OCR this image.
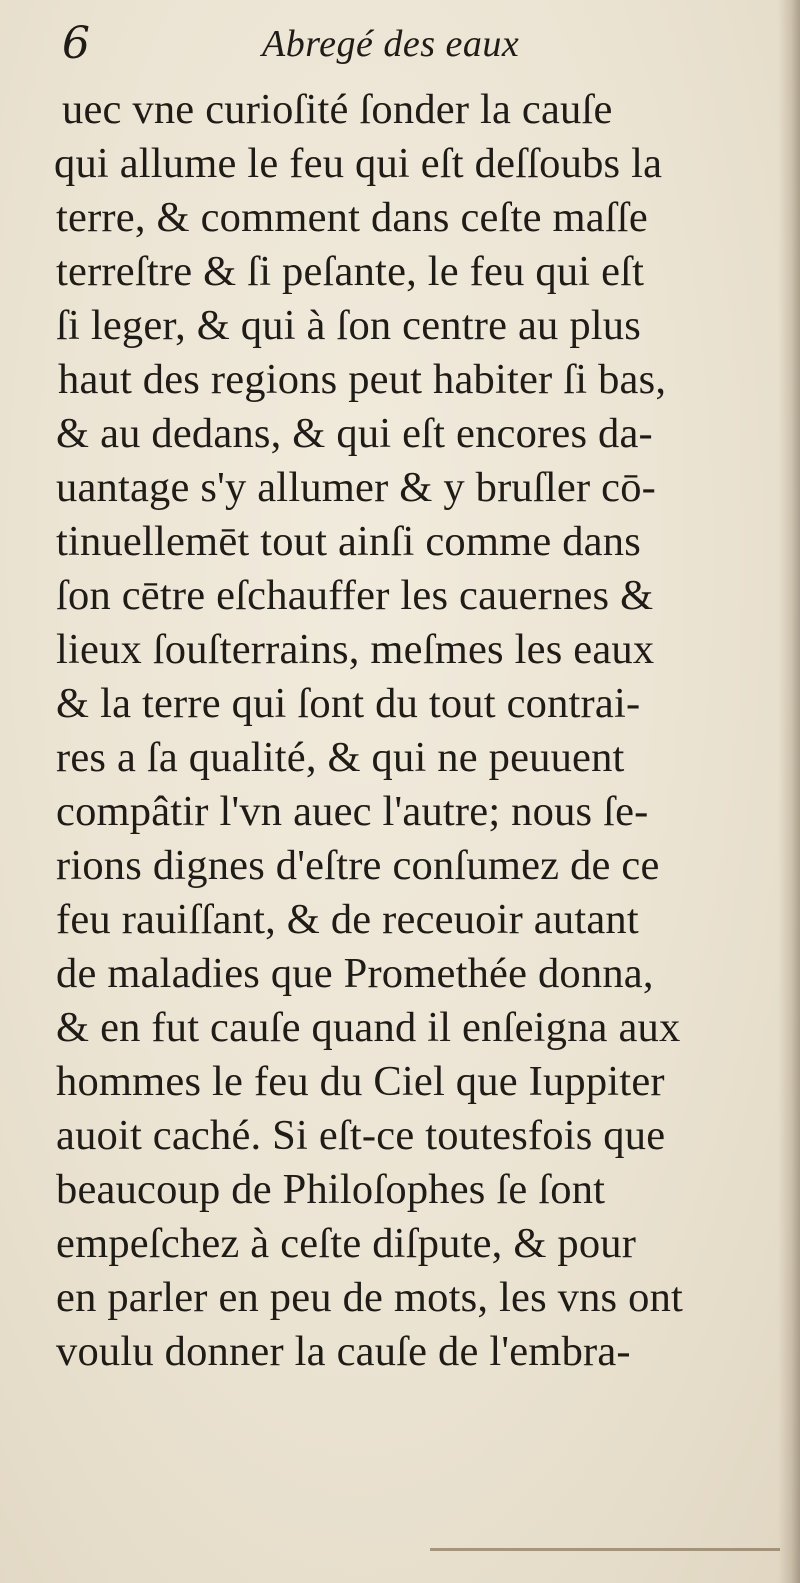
6	Abregé des eaux
uec vne curioſité ſonder la cauſe
qui allume le feu qui eſt deſſoubs la
terre, & comment dans ceſte maſſe
terreſtre & ſi peſante, le feu qui eſt
ſi leger, & qui à ſon centre au plus
haut des regions peut habiter ſi bas,
& au dedans, & qui eſt encores da-
uantage s'y allumer & y bruſler cō-
tinuellemēt tout ainſi comme dans
ſon cētre eſchauffer les cauernes &
lieux ſouſterrains, meſmes les eaux
& la terre qui ſont du tout contrai-
res a ſa qualité, & qui ne peuuent
compâtir l'vn auec l'autre; nous ſe-
rions dignes d'eſtre conſumez de ce
feu rauiſſant, & de receuoir autant
de maladies que Promethée donna,
& en fut cauſe quand il enſeigna aux
hommes le feu du Ciel que Iuppiter
auoit caché. Si eſt-ce toutesfois que
beaucoup de Philoſophes ſe ſont
empeſchez à ceſte diſpute, & pour
en parler en peu de mots, les vns ont
voulu donner la cauſe de l'embra-
